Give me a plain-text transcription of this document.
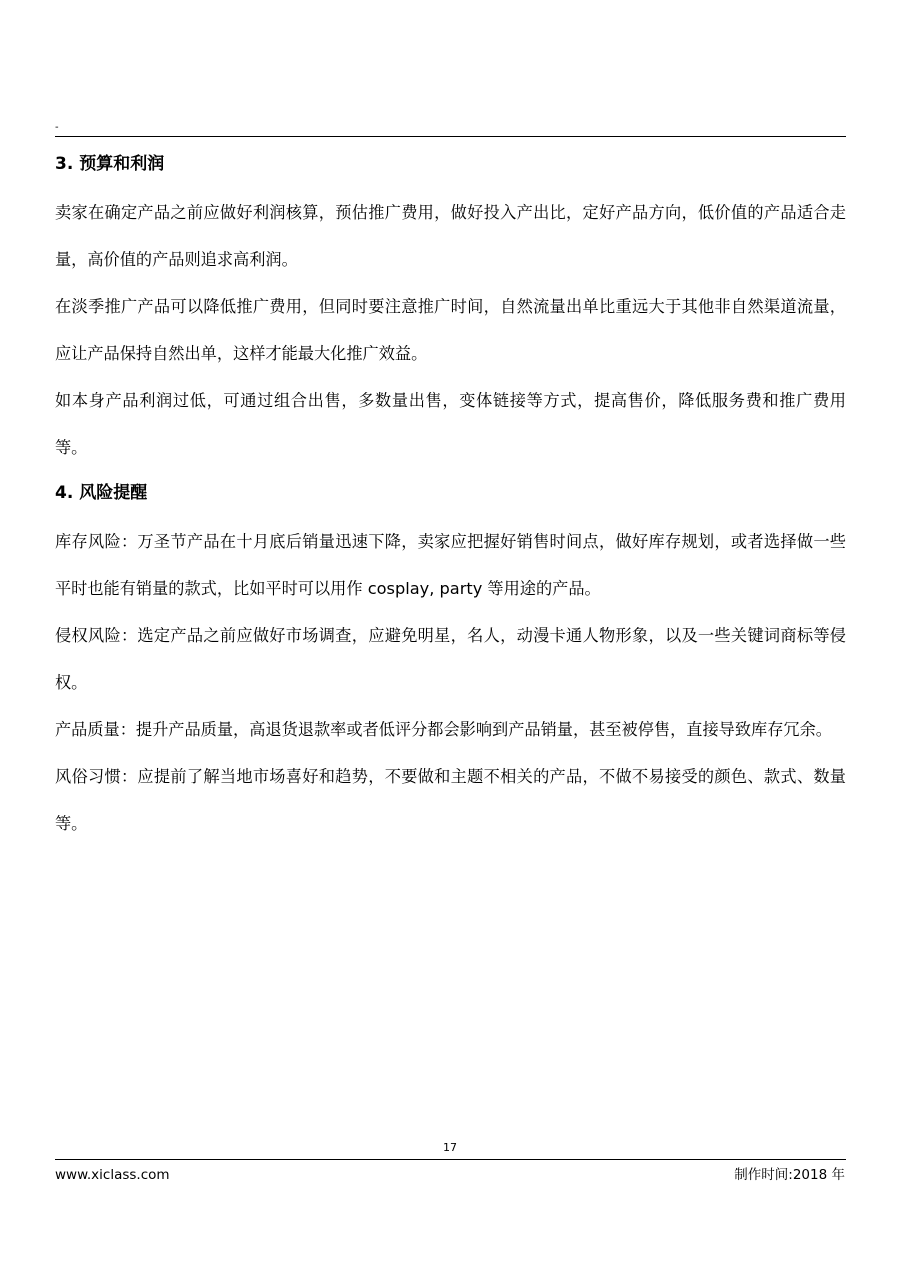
-
3. 预算和利润

卖家在确定产品之前应做好利润核算，预估推广费用，做好投入产出比，定好产品方向，低价值的产品适合走量，高价值的产品则追求高利润。

在淡季推广产品可以降低推广费用，但同时要注意推广时间，自然流量出单比重远大于其他非自然渠道流量，应让产品保持自然出单，这样才能最大化推广效益。

如本身产品利润过低，可通过组合出售，多数量出售，变体链接等方式，提高售价，降低服务费和推广费用等。

4. 风险提醒

库存风险：万圣节产品在十月底后销量迅速下降，卖家应把握好销售时间点，做好库存规划，或者选择做一些平时也能有销量的款式，比如平时可以用作 cosplay, party 等用途的产品。

侵权风险：选定产品之前应做好市场调查，应避免明星，名人，动漫卡通人物形象，以及一些关键词商标等侵权。

产品质量：提升产品质量，高退货退款率或者低评分都会影响到产品销量，甚至被停售，直接导致库存冗余。

风俗习惯：应提前了解当地市场喜好和趋势，不要做和主题不相关的产品，不做不易接受的颜色、款式、数量等。

17
www.xiclass.com	制作时间:2018 年
